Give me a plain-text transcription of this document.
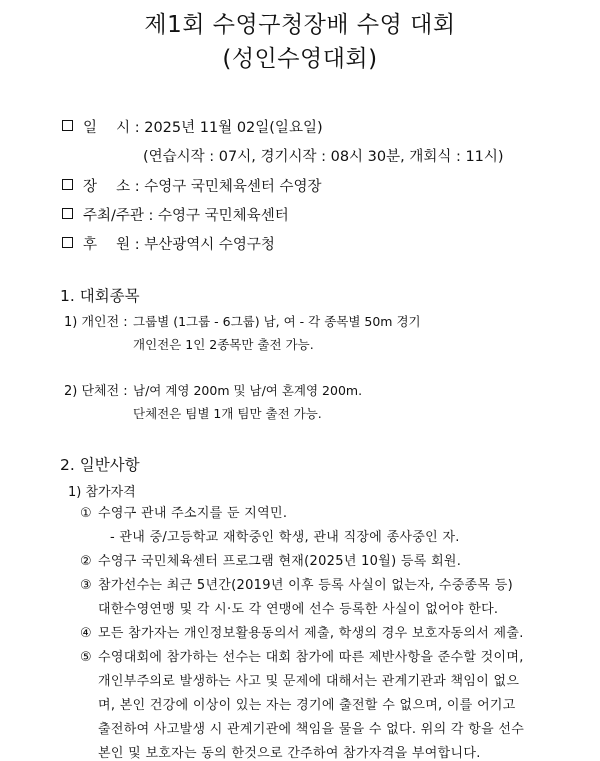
제1회 수영구청장배 수영 대회
(성인수영대회)
일　 시 : 2025년 11월 02일(일요일)
(연습시작 : 07시, 경기시작 : 08시 30분, 개회식 : 11시)
장　 소 : 수영구 국민체육센터 수영장
주최/주관 : 수영구 국민체육센터
후　 원 : 부산광역시 수영구청
1. 대회종목
1) 개인전 : 그룹별 (1그룹 - 6그룹) 남, 여 - 각 종목별 50m 경기
개인전은 1인 2종목만 출전 가능.
2) 단체전 : 남/여 계영 200m 및 남/여 혼계영 200m.
단체전은 팀별 1개 팀만 출전 가능.
2. 일반사항
1) 참가자격
① 수영구 관내 주소지를 둔 지역민.
- 관내 중/고등학교 재학중인 학생, 관내 직장에 종사중인 자.
② 수영구 국민체육센터 프로그램 현재(2025년 10월) 등록 회원.
③ 참가선수는 최근 5년간(2019년 이후 등록 사실이 없는자, 수중종목 등)
대한수영연맹 및 각 시·도 각 연맹에 선수 등록한 사실이 없어야 한다.
④ 모든 참가자는 개인정보활용동의서 제출, 학생의 경우 보호자동의서 제출.
⑤ 수영대회에 참가하는 선수는 대회 참가에 따른 제반사항을 준수할 것이며,
개인부주의로 발생하는 사고 및 문제에 대해서는 관계기관과 책임이 없으
며, 본인 건강에 이상이 있는 자는 경기에 출전할 수 없으며, 이를 어기고
출전하여 사고발생 시 관계기관에 책임을 물을 수 없다. 위의 각 항을 선수
본인 및 보호자는 동의 한것으로 간주하여 참가자격을 부여합니다.
